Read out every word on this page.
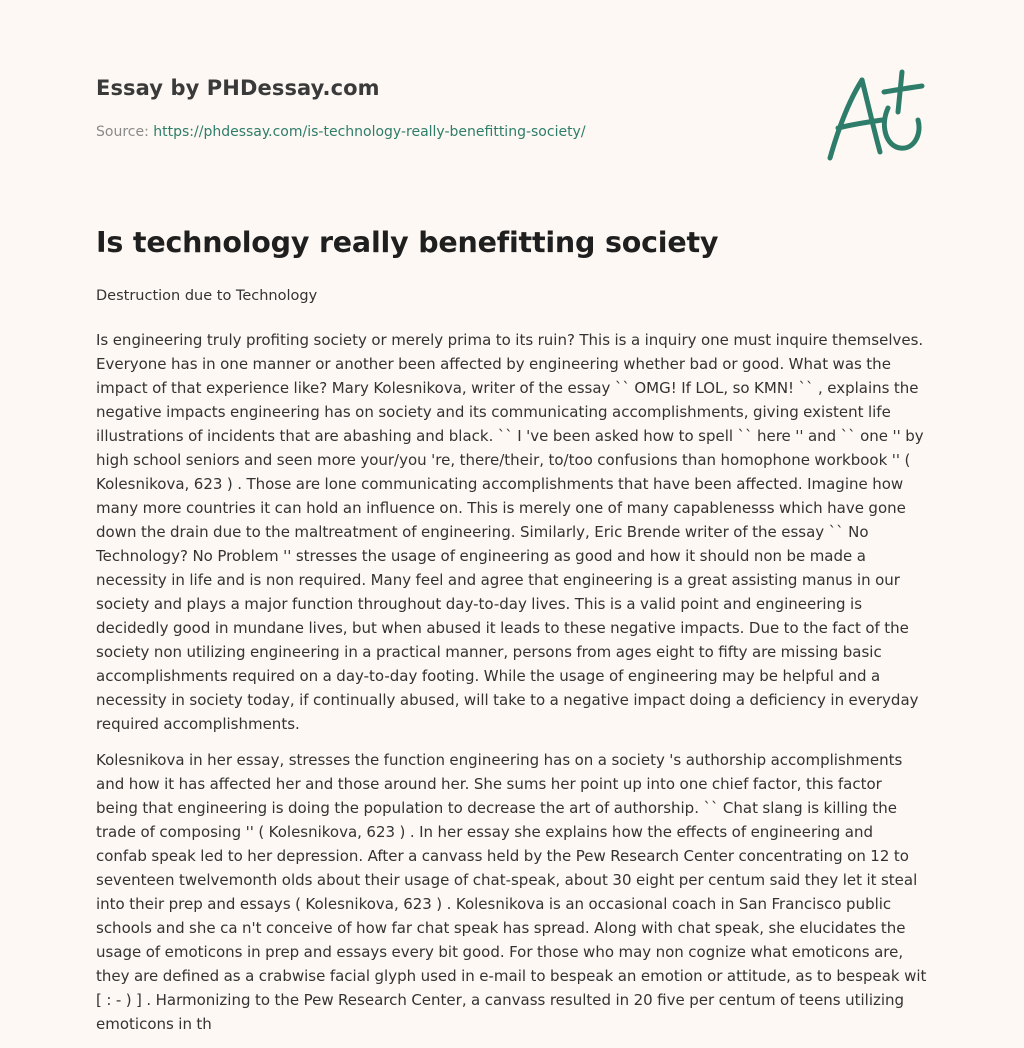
Essay by PHDessay.com
Source: https://phdessay.com/is-technology-really-benefitting-society/
Is technology really benefitting society
Destruction due to Technology

Is engineering truly profiting society or merely prima to its ruin? This is a inquiry one must inquire themselves. Everyone has in one manner or another been affected by engineering whether bad or good. What was the impact of that experience like? Mary Kolesnikova, writer of the essay `` OMG! If LOL, so KMN! `` , explains the negative impacts engineering has on society and its communicating accomplishments, giving existent life illustrations of incidents that are abashing and black. `` I 've been asked how to spell `` here '' and `` one '' by high school seniors and seen more your/you 're, there/their, to/too confusions than homophone workbook '' ( Kolesnikova, 623 ) . Those are lone communicating accomplishments that have been affected. Imagine how many more countries it can hold an influence on. This is merely one of many capablenesss which have gone down the drain due to the maltreatment of engineering. Similarly, Eric Brende writer of the essay `` No Technology? No Problem '' stresses the usage of engineering as good and how it should non be made a necessity in life and is non required. Many feel and agree that engineering is a great assisting manus in our society and plays a major function throughout day-to-day lives. This is a valid point and engineering is decidedly good in mundane lives, but when abused it leads to these negative impacts. Due to the fact of the society non utilizing engineering in a practical manner, persons from ages eight to fifty are missing basic accomplishments required on a day-to-day footing. While the usage of engineering may be helpful and a necessity in society today, if continually abused, will take to a negative impact doing a deficiency in everyday required accomplishments.

Kolesnikova in her essay, stresses the function engineering has on a society 's authorship accomplishments and how it has affected her and those around her. She sums her point up into one chief factor, this factor being that engineering is doing the population to decrease the art of authorship. `` Chat slang is killing the trade of composing '' ( Kolesnikova, 623 ) . In her essay she explains how the effects of engineering and confab speak led to her depression. After a canvass held by the Pew Research Center concentrating on 12 to seventeen twelvemonth olds about their usage of chat-speak, about 30 eight per centum said they let it steal into their prep and essays ( Kolesnikova, 623 ) . Kolesnikova is an occasional coach in San Francisco public schools and she ca n't conceive of how far chat speak has spread. Along with chat speak, she elucidates the usage of emoticons in prep and essays every bit good. For those who may non cognize what emoticons are, they are defined as a crabwise facial glyph used in e-mail to bespeak an emotion or attitude, as to bespeak wit [ : - ) ] . Harmonizing to the Pew Research Center, a canvass resulted in 20 five per centum of teens utilizing emoticons in th
